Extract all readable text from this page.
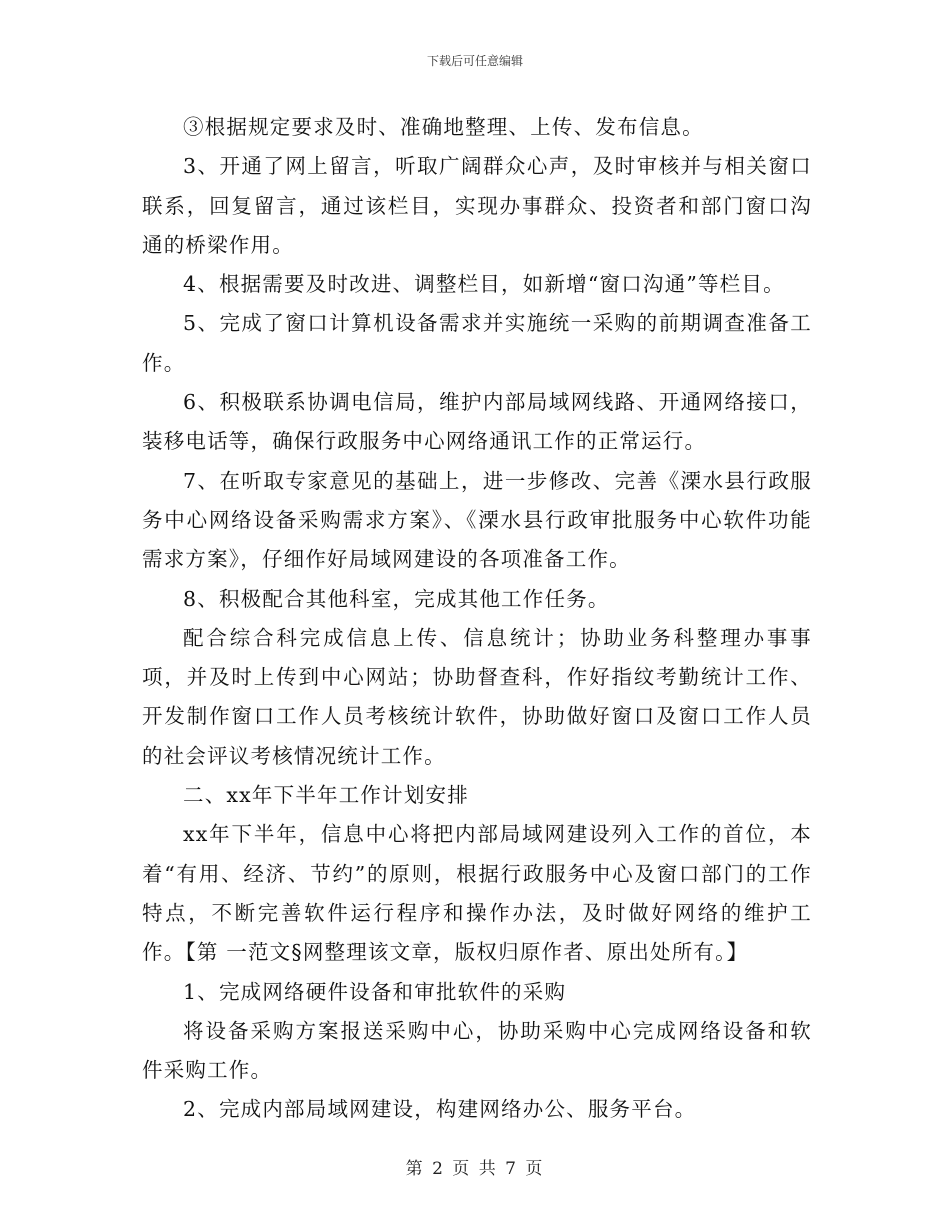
下载后可任意编辑

③根据规定要求及时、准确地整理、上传、发布信息。

3、开通了网上留言，听取广阔群众心声，及时审核并与相关窗口联系，回复留言，通过该栏目，实现办事群众、投资者和部门窗口沟通的桥梁作用。

4、根据需要及时改进、调整栏目，如新增“窗口沟通”等栏目。

5、完成了窗口计算机设备需求并实施统一采购的前期调查准备工作。

6、积极联系协调电信局，维护内部局域网线路、开通网络接口，装移电话等，确保行政服务中心网络通讯工作的正常运行。

7、在听取专家意见的基础上，进一步修改、完善《溧水县行政服务中心网络设备采购需求方案》、《溧水县行政审批服务中心软件功能需求方案》，仔细作好局域网建设的各项准备工作。

8、积极配合其他科室，完成其他工作任务。

配合综合科完成信息上传、信息统计；协助业务科整理办事事项，并及时上传到中心网站；协助督查科，作好指纹考勤统计工作、开发制作窗口工作人员考核统计软件，协助做好窗口及窗口工作人员的社会评议考核情况统计工作。

二、xx年下半年工作计划安排

xx年下半年，信息中心将把内部局域网建设列入工作的首位，本着“有用、经济、节约”的原则，根据行政服务中心及窗口部门的工作特点，不断完善软件运行程序和操作办法，及时做好网络的维护工作。【第 一范文§网整理该文章，版权归原作者、原出处所有。】

1、完成网络硬件设备和审批软件的采购

将设备采购方案报送采购中心，协助采购中心完成网络设备和软件采购工作。

2、完成内部局域网建设，构建网络办公、服务平台。

第 2 页 共 7 页
